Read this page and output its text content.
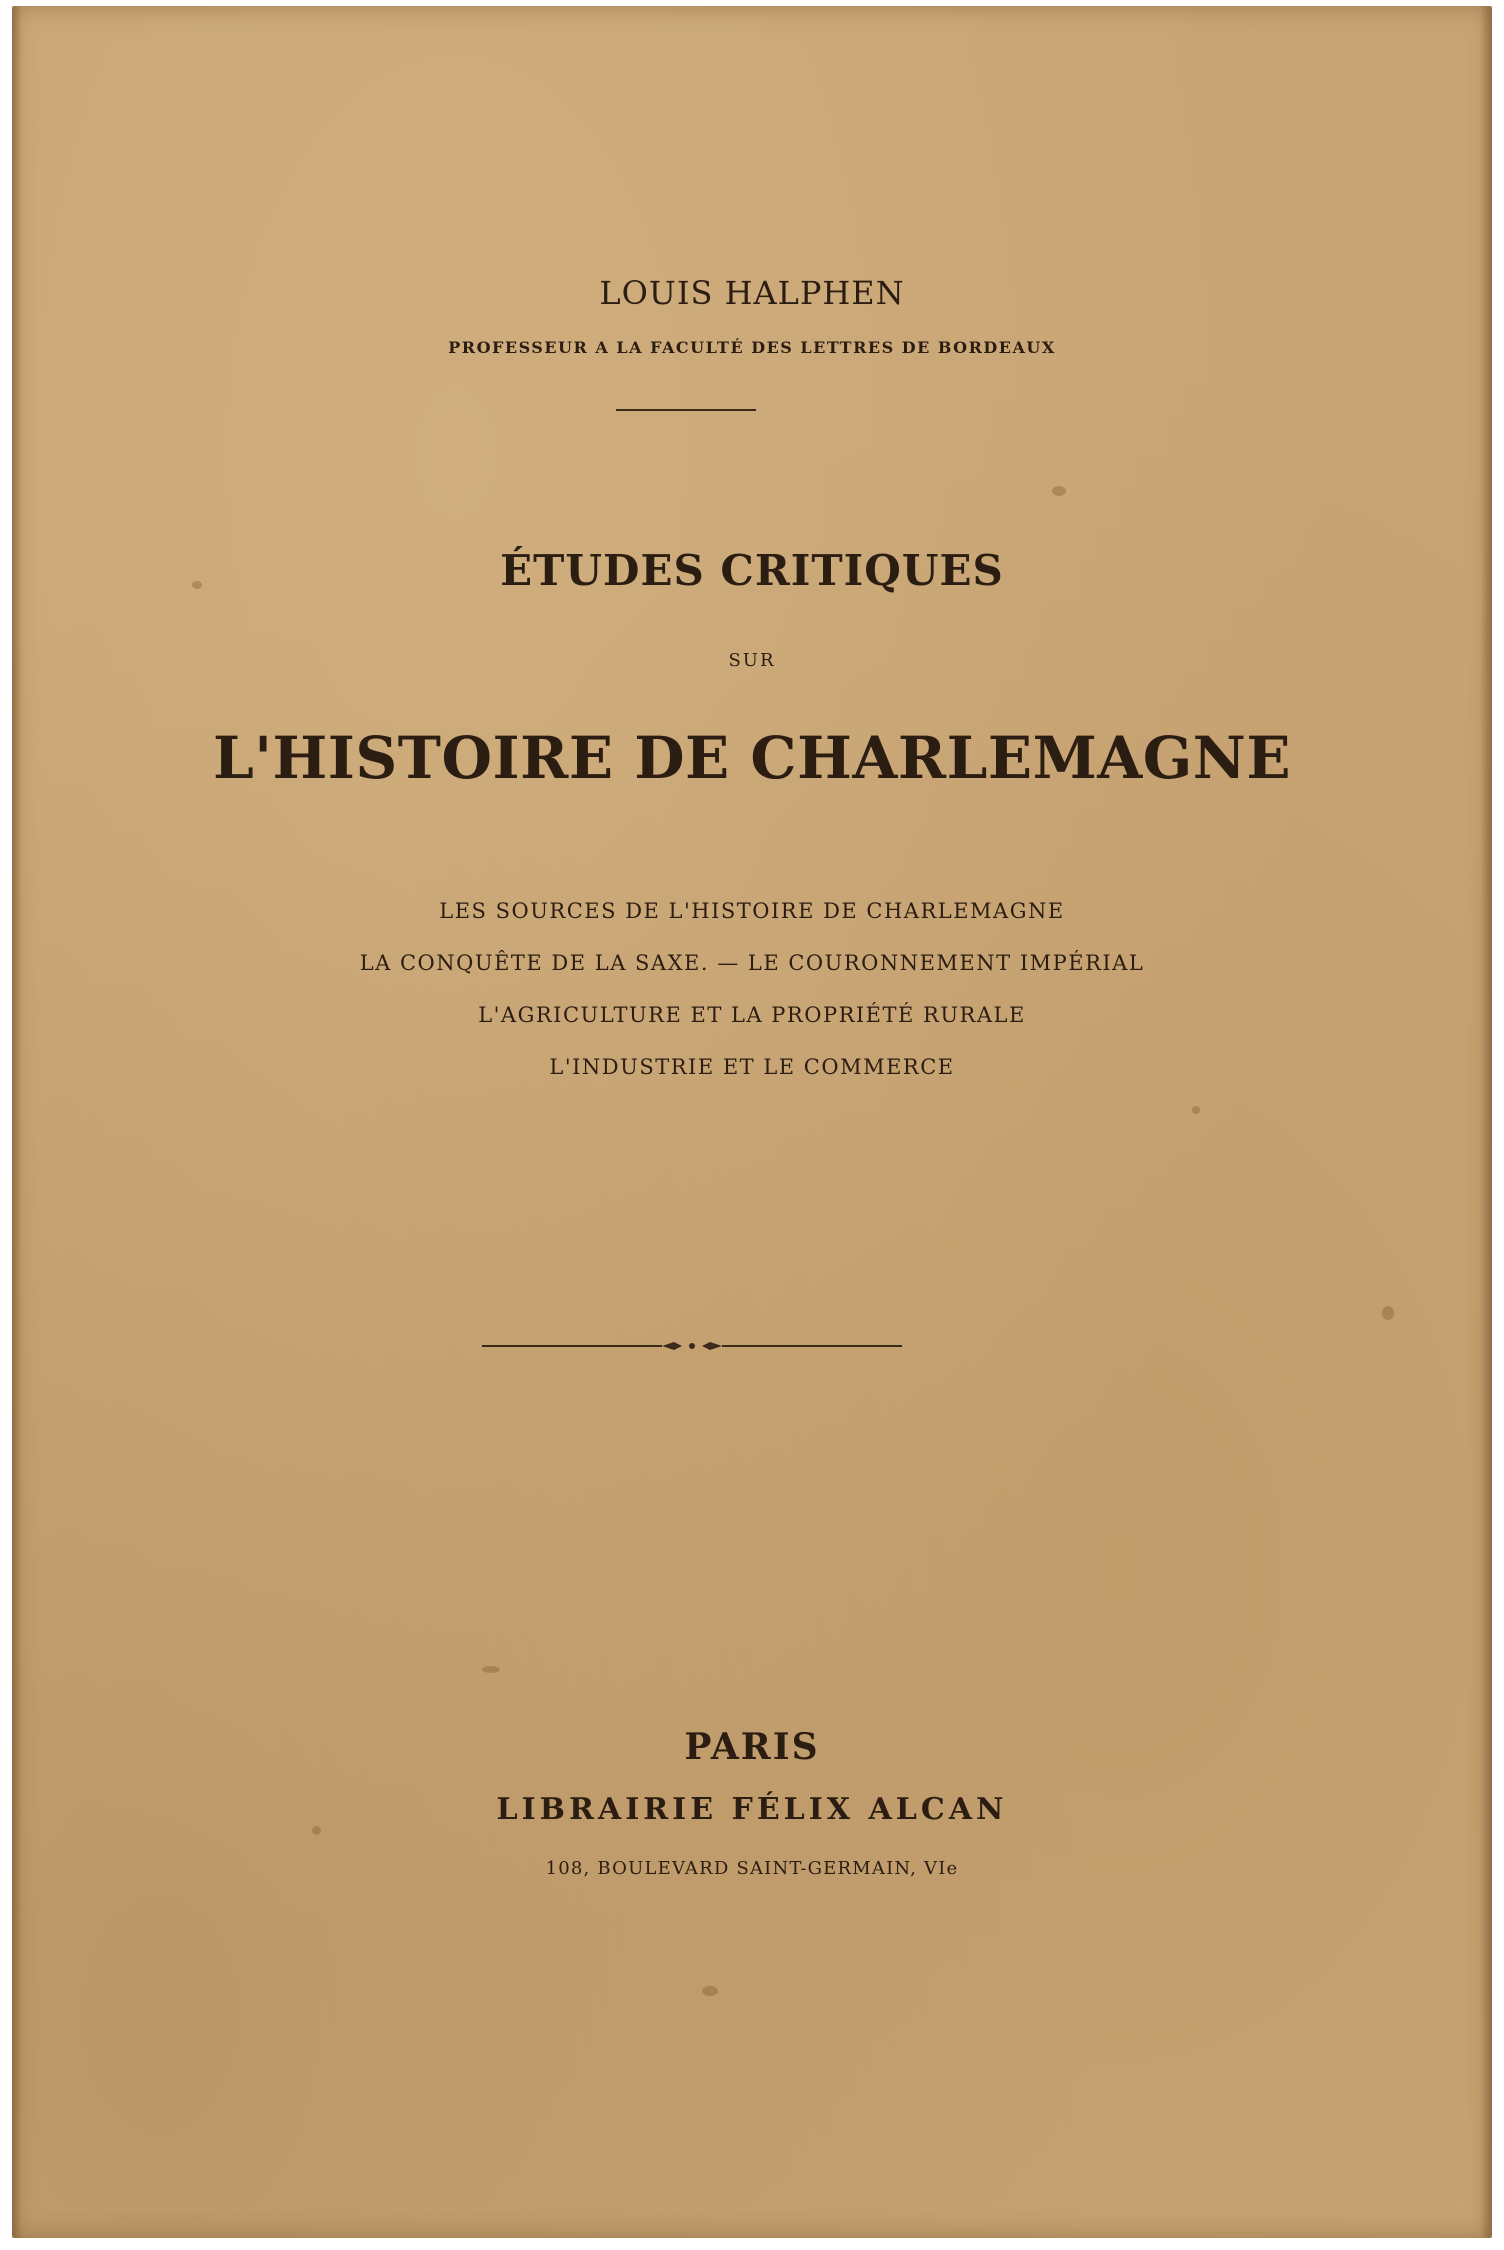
LOUIS HALPHEN
PROFESSEUR A LA FACULTÉ DES LETTRES DE BORDEAUX
ÉTUDES CRITIQUES
SUR
L'HISTOIRE DE CHARLEMAGNE
LES SOURCES DE L'HISTOIRE DE CHARLEMAGNE
LA CONQUÊTE DE LA SAXE. — LE COURONNEMENT IMPÉRIAL
L'AGRICULTURE ET LA PROPRIÉTÉ RURALE
L'INDUSTRIE ET LE COMMERCE
PARIS
LIBRAIRIE FÉLIX ALCAN
108, BOULEVARD SAINT-GERMAIN, VIe
